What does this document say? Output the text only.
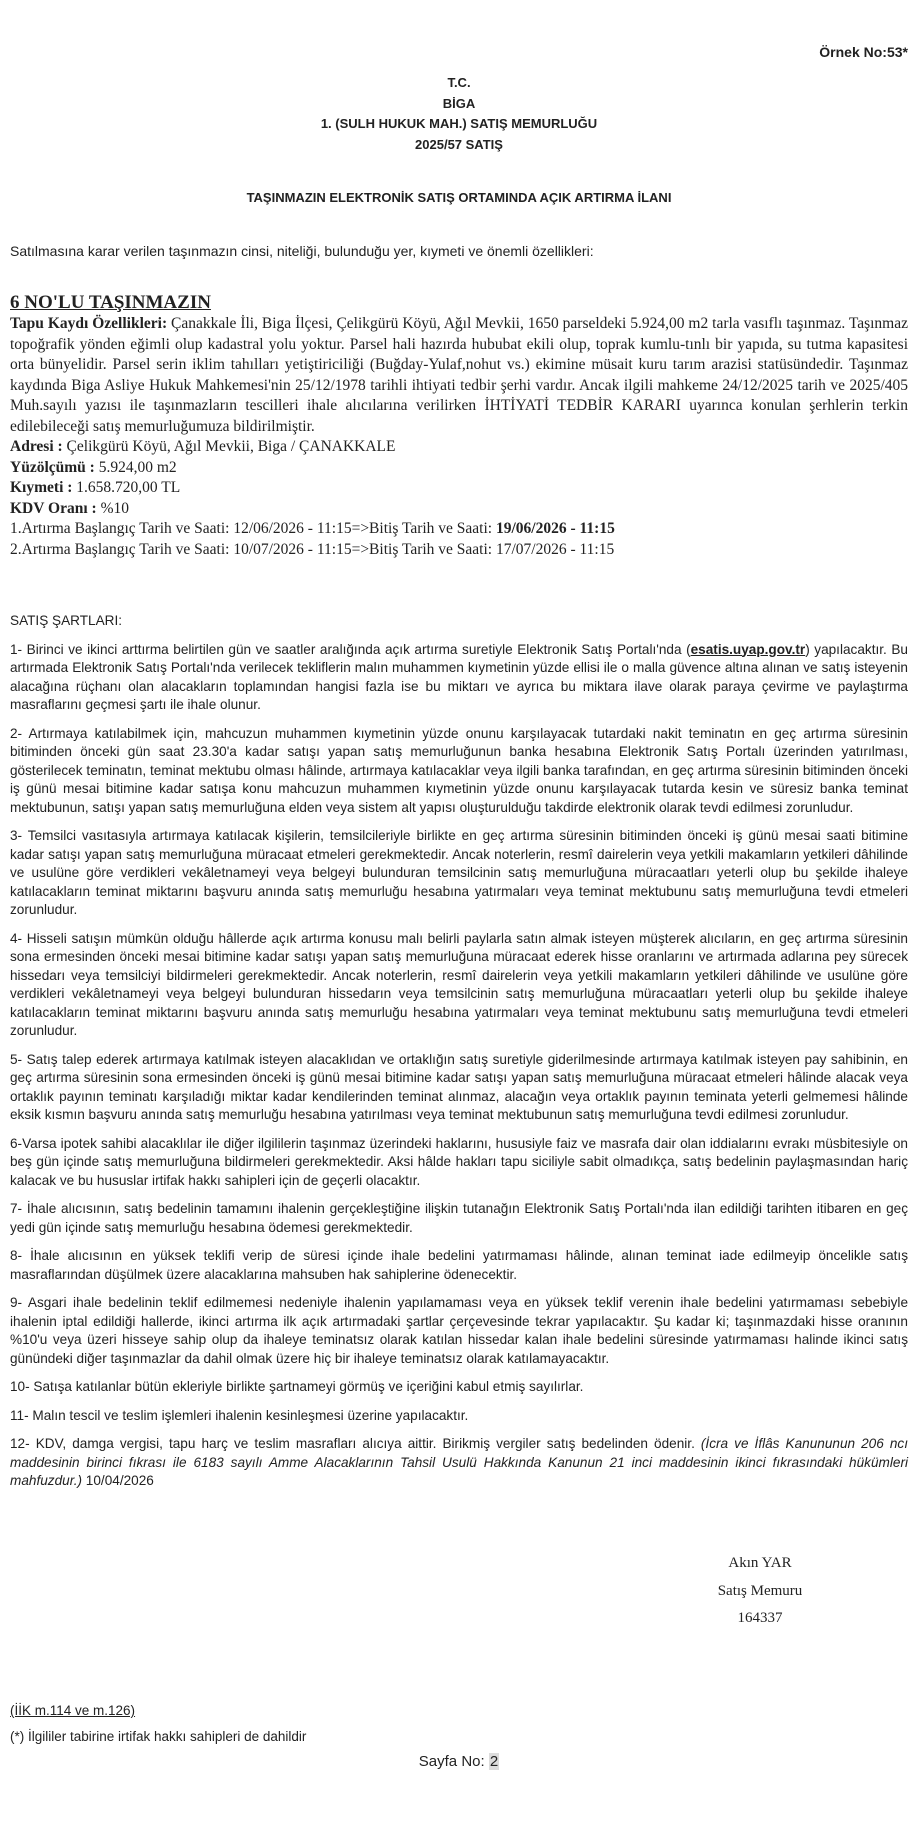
Örnek No:53*
T.C.
BİGA
1. (SULH HUKUK MAH.) SATIŞ MEMURLUĞU
2025/57 SATIŞ
TAŞINMAZIN ELEKTRONİK SATIŞ ORTAMINDA AÇIK ARTIRMA İLANI
Satılmasına karar verilen taşınmazın cinsi, niteliği, bulunduğu yer, kıymeti ve önemli özellikleri:

6 NO'LU TAŞINMAZIN

Tapu Kaydı Özellikleri: Çanakkale İli, Biga İlçesi, Çelikgürü Köyü, Ağıl Mevkii, 1650 parseldeki 5.924,00 m2 tarla vasıflı taşınmaz. Taşınmaz topoğrafik yönden eğimli olup kadastral yolu yoktur. Parsel hali hazırda hububat ekili olup, toprak kumlu-tınlı bir yapıda, su tutma kapasitesi orta bünyelidir. Parsel serin iklim tahılları yetiştiriciliği (Buğday-Yulaf,nohut vs.) ekimine müsait kuru tarım arazisi statüsündedir. Taşınmaz kaydında Biga Asliye Hukuk Mahkemesi'nin 25/12/1978 tarihli ihtiyati tedbir şerhi vardır. Ancak ilgili mahkeme 24/12/2025 tarih ve 2025/405 Muh.sayılı yazısı ile taşınmazların tescilleri ihale alıcılarına verilirken İHTİYATİ TEDBİR KARARI uyarınca konulan şerhlerin terkin edilebileceği satış memurluğumuza bildirilmiştir.

Adresi : Çelikgürü Köyü, Ağıl Mevkii, Biga / ÇANAKKALE

Yüzölçümü : 5.924,00 m2

Kıymeti : 1.658.720,00 TL

KDV Oranı : %10

1.Artırma Başlangıç Tarih ve Saati: 12/06/2026 - 11:15=>Bitiş Tarih ve Saati: 19/06/2026 - 11:15

2.Artırma Başlangıç Tarih ve Saati: 10/07/2026 - 11:15=>Bitiş Tarih ve Saati: 17/07/2026 - 11:15

SATIŞ ŞARTLARI:

1- Birinci ve ikinci arttırma belirtilen gün ve saatler aralığında açık artırma suretiyle Elektronik Satış Portalı'nda (esatis.uyap.gov.tr) yapılacaktır. Bu artırmada Elektronik Satış Portalı'nda verilecek tekliflerin malın muhammen kıymetinin yüzde ellisi ile o malla güvence altına alınan ve satış isteyenin alacağına rüçhanı olan alacakların toplamından hangisi fazla ise bu miktarı ve ayrıca bu miktara ilave olarak paraya çevirme ve paylaştırma masraflarını geçmesi şartı ile ihale olunur.

2- Artırmaya katılabilmek için, mahcuzun muhammen kıymetinin yüzde onunu karşılayacak tutardaki nakit teminatın en geç artırma süresinin bitiminden önceki gün saat 23.30'a kadar satışı yapan satış memurluğunun banka hesabına Elektronik Satış Portalı üzerinden yatırılması, gösterilecek teminatın, teminat mektubu olması hâlinde, artırmaya katılacaklar veya ilgili banka tarafından, en geç artırma süresinin bitiminden önceki iş günü mesai bitimine kadar satışa konu mahcuzun muhammen kıymetinin yüzde onunu karşılayacak tutarda kesin ve süresiz banka teminat mektubunun, satışı yapan satış memurluğuna elden veya sistem alt yapısı oluşturulduğu takdirde elektronik olarak tevdi edilmesi zorunludur.

3- Temsilci vasıtasıyla artırmaya katılacak kişilerin, temsilcileriyle birlikte en geç artırma süresinin bitiminden önceki iş günü mesai saati bitimine kadar satışı yapan satış memurluğuna müracaat etmeleri gerekmektedir. Ancak noterlerin, resmî dairelerin veya yetkili makamların yetkileri dâhilinde ve usulüne göre verdikleri vekâletnameyi veya belgeyi bulunduran temsilcinin satış memurluğuna müracaatları yeterli olup bu şekilde ihaleye katılacakların teminat miktarını başvuru anında satış memurluğu hesabına yatırmaları veya teminat mektubunu satış memurluğuna tevdi etmeleri zorunludur.

4- Hisseli satışın mümkün olduğu hâllerde açık artırma konusu malı belirli paylarla satın almak isteyen müşterek alıcıların, en geç artırma süresinin sona ermesinden önceki mesai bitimine kadar satışı yapan satış memurluğuna müracaat ederek hisse oranlarını ve artırmada adlarına pey sürecek hissedarı veya temsilciyi bildirmeleri gerekmektedir. Ancak noterlerin, resmî dairelerin veya yetkili makamların yetkileri dâhilinde ve usulüne göre verdikleri vekâletnameyi veya belgeyi bulunduran hissedarın veya temsilcinin satış memurluğuna müracaatları yeterli olup bu şekilde ihaleye katılacakların teminat miktarını başvuru anında satış memurluğu hesabına yatırmaları veya teminat mektubunu satış memurluğuna tevdi etmeleri zorunludur.

5- Satış talep ederek artırmaya katılmak isteyen alacaklıdan ve ortaklığın satış suretiyle giderilmesinde artırmaya katılmak isteyen pay sahibinin, en geç artırma süresinin sona ermesinden önceki iş günü mesai bitimine kadar satışı yapan satış memurluğuna müracaat etmeleri hâlinde alacak veya ortaklık payının teminatı karşıladığı miktar kadar kendilerinden teminat alınmaz, alacağın veya ortaklık payının teminata yeterli gelmemesi hâlinde eksik kısmın başvuru anında satış memurluğu hesabına yatırılması veya teminat mektubunun satış memurluğuna tevdi edilmesi zorunludur.

6-Varsa ipotek sahibi alacaklılar ile diğer ilgililerin taşınmaz üzerindeki haklarını, hususiyle faiz ve masrafa dair olan iddialarını evrakı müsbitesiyle on beş gün içinde satış memurluğuna bildirmeleri gerekmektedir. Aksi hâlde hakları tapu siciliyle sabit olmadıkça, satış bedelinin paylaşmasından hariç kalacak ve bu hususlar irtifak hakkı sahipleri için de geçerli olacaktır.

7- İhale alıcısının, satış bedelinin tamamını ihalenin gerçekleştiğine ilişkin tutanağın Elektronik Satış Portalı'nda ilan edildiği tarihten itibaren en geç yedi gün içinde satış memurluğu hesabına ödemesi gerekmektedir.

8- İhale alıcısının en yüksek teklifi verip de süresi içinde ihale bedelini yatırmaması hâlinde, alınan teminat iade edilmeyip öncelikle satış masraflarından düşülmek üzere alacaklarına mahsuben hak sahiplerine ödenecektir.

9- Asgari ihale bedelinin teklif edilmemesi nedeniyle ihalenin yapılamaması veya en yüksek teklif verenin ihale bedelini yatırmaması sebebiyle ihalenin iptal edildiği hallerde, ikinci artırma ilk açık artırmadaki şartlar çerçevesinde tekrar yapılacaktır. Şu kadar ki; taşınmazdaki hisse oranının %10'u veya üzeri hisseye sahip olup da ihaleye teminatsız olarak katılan hissedar kalan ihale bedelini süresinde yatırmaması halinde ikinci satış günündeki diğer taşınmazlar da dahil olmak üzere hiç bir ihaleye teminatsız olarak katılamayacaktır.

10- Satışa katılanlar bütün ekleriyle birlikte şartnameyi görmüş ve içeriğini kabul etmiş sayılırlar.

11- Malın tescil ve teslim işlemleri ihalenin kesinleşmesi üzerine yapılacaktır.

12- KDV, damga vergisi, tapu harç ve teslim masrafları alıcıya aittir. Birikmiş vergiler satış bedelinden ödenir. (İcra ve İflâs Kanununun 206 ncı maddesinin birinci fıkrası ile 6183 sayılı Amme Alacaklarının Tahsil Usulü Hakkında Kanunun 21 inci maddesinin ikinci fıkrasındaki hükümleri mahfuzdur.) 10/04/2026

Akın YAR
Satış Memuru
164337
(İİK m.114 ve m.126)
(*) İlgililer tabirine irtifak hakkı sahipleri de dahildir
Sayfa No: 2
